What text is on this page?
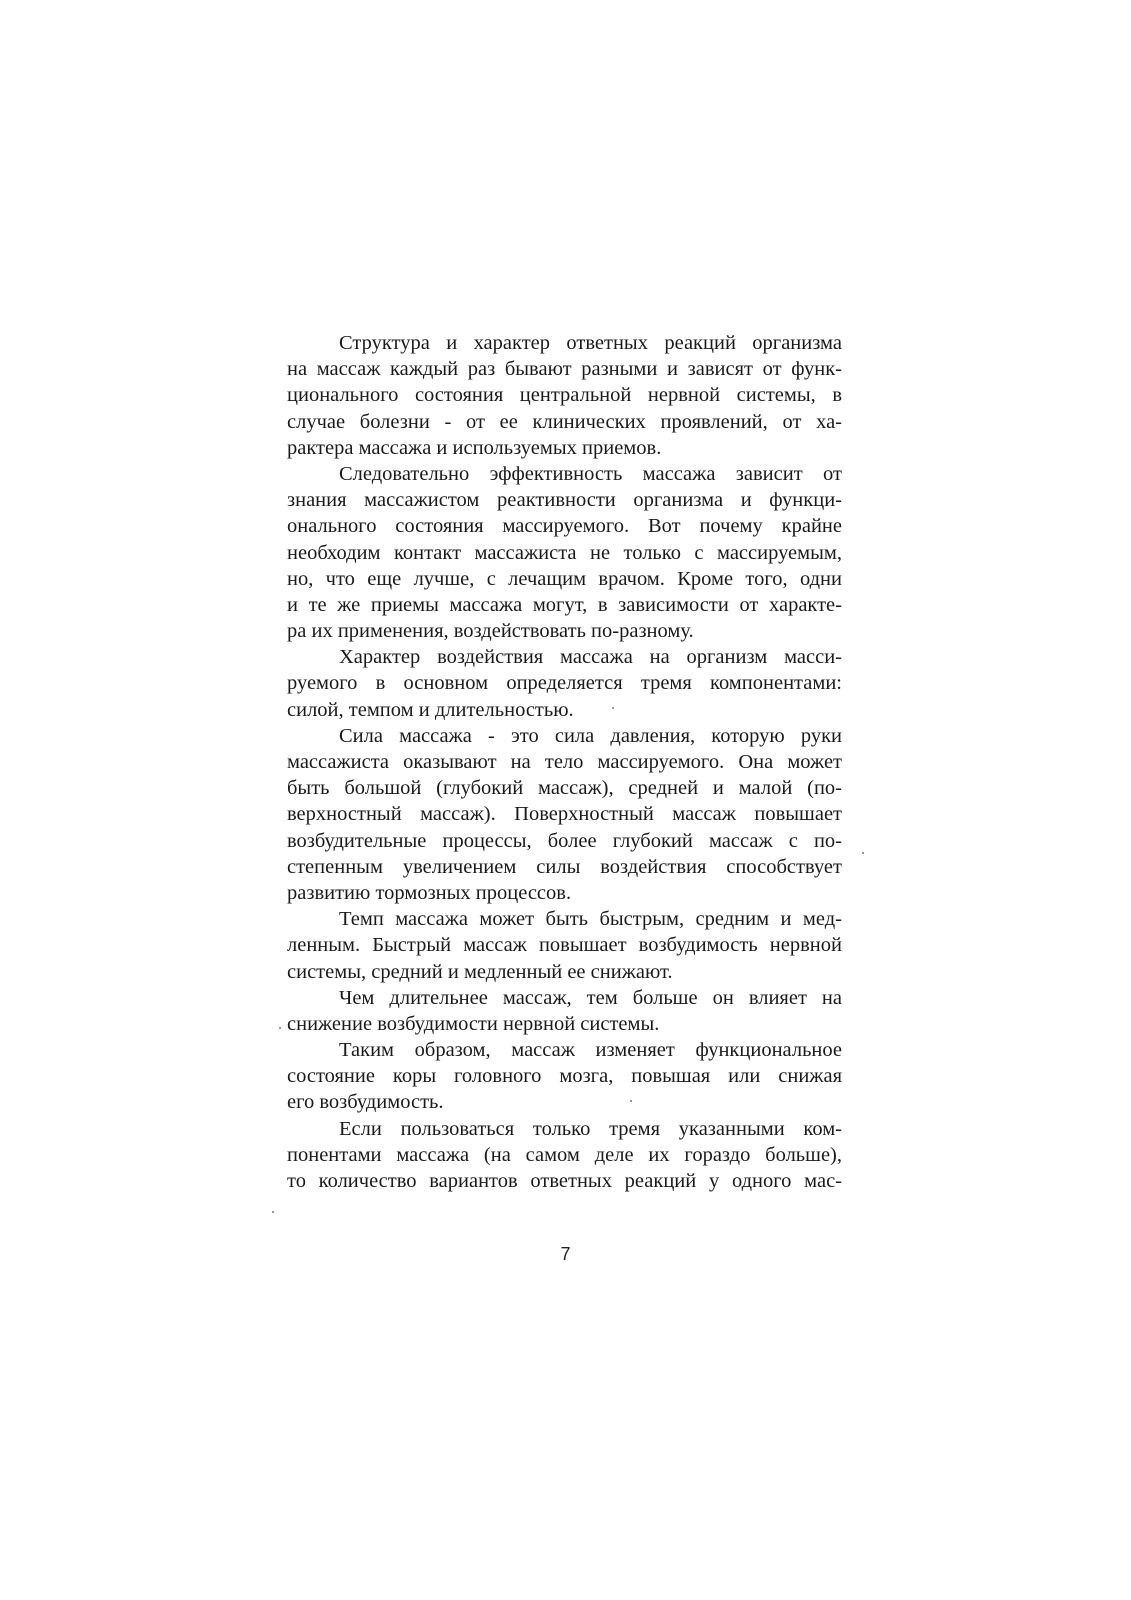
Структура и характер ответных реакций организма
на массаж каждый раз бывают разными и зависят от функ-
ционального состояния центральной нервной системы, в
случае болезни - от ее клинических проявлений, от ха-
рактера массажа и используемых приемов.
Следовательно эффективность массажа зависит от
знания массажистом реактивности организма и функци-
онального состояния массируемого. Вот почему крайне
необходим контакт массажиста не только с массируемым,
но, что еще лучше, с лечащим врачом. Кроме того, одни
и те же приемы массажа могут, в зависимости от характе-
ра их применения, воздействовать по-разному.
Характер воздействия массажа на организм масси-
руемого в основном определяется тремя компонентами:
силой, темпом и длительностью.
Сила массажа - это сила давления, которую руки
массажиста оказывают на тело массируемого. Она может
быть большой (глубокий массаж), средней и малой (по-
верхностный массаж). Поверхностный массаж повышает
возбудительные процессы, более глубокий массаж с по-
степенным увеличением силы воздействия способствует
развитию тормозных процессов.
Темп массажа может быть быстрым, средним и мед-
ленным. Быстрый массаж повышает возбудимость нервной
системы, средний и медленный ее снижают.
Чем длительнее массаж, тем больше он влияет на
снижение возбудимости нервной системы.
Таким образом, массаж изменяет функциональное
состояние коры головного мозга, повышая или снижая
его возбудимость.
Если пользоваться только тремя указанными ком-
понентами массажа (на самом деле их гораздо больше),
то количество вариантов ответных реакций у одного мас-
7
